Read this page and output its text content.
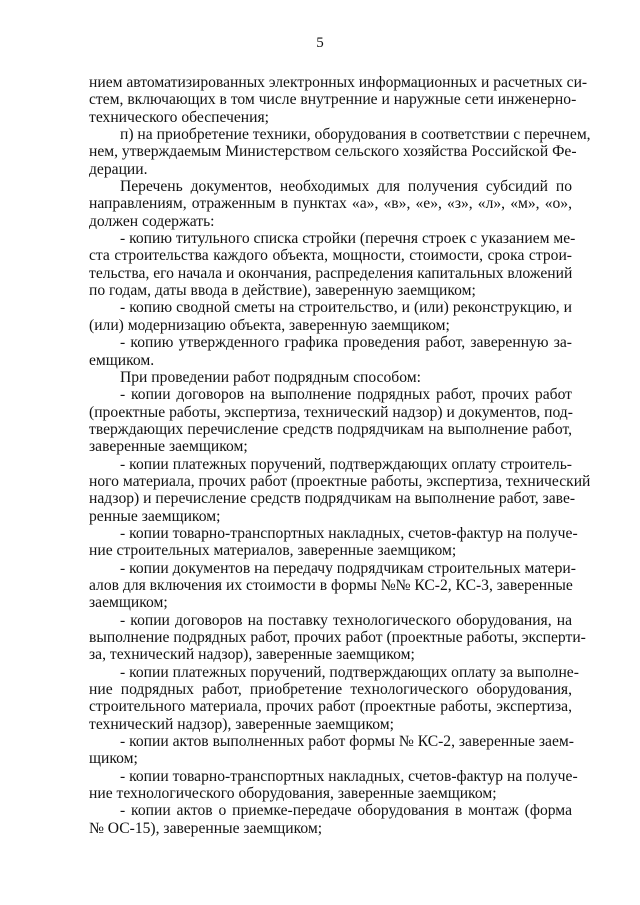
5
нием автоматизированных электронных информационных и расчетных си-
стем, включающих в том числе внутренние и наружные сети инженерно-
технического обеспечения;
п) на приобретение техники, оборудования в соответствии с перечнем,
нем, утверждаемым Министерством сельского хозяйства Российской Фе-
дерации.
Перечень документов, необходимых для получения субсидий по
направлениям, отраженным в пунктах «а», «в», «е», «з», «л», «м», «о»,
должен содержать:
- копию титульного списка стройки (перечня строек с указанием ме-
ста строительства каждого объекта, мощности, стоимости, срока строи-
тельства, его начала и окончания, распределения капитальных вложений
по годам, даты ввода в действие), заверенную заемщиком;
- копию сводной сметы на строительство, и (или) реконструкцию, и
(или) модернизацию объекта, заверенную заемщиком;
- копию утвержденного графика проведения работ, заверенную за-
емщиком.
При проведении работ подрядным способом:
- копии договоров на выполнение подрядных работ, прочих работ
(проектные работы, экспертиза, технический надзор) и документов, под-
тверждающих перечисление средств подрядчикам на выполнение работ,
заверенные заемщиком;
- копии платежных поручений, подтверждающих оплату строитель-
ного материала, прочих работ (проектные работы, экспертиза, технический
надзор) и перечисление средств подрядчикам на выполнение работ, заве-
ренные заемщиком;
- копии товарно-транспортных накладных, счетов-фактур на получе-
ние строительных материалов, заверенные заемщиком;
- копии документов на передачу подрядчикам строительных матери-
алов для включения их стоимости в формы №№ КС-2, КС-3, заверенные
заемщиком;
- копии договоров на поставку технологического оборудования, на
выполнение подрядных работ, прочих работ (проектные работы, эксперти-
за, технический надзор), заверенные заемщиком;
- копии платежных поручений, подтверждающих оплату за выполне-
ние подрядных работ, приобретение технологического оборудования,
строительного материала, прочих работ (проектные работы, экспертиза,
технический надзор), заверенные заемщиком;
- копии актов выполненных работ формы № КС-2, заверенные заем-
щиком;
- копии товарно-транспортных накладных, счетов-фактур на получе-
ние технологического оборудования, заверенные заемщиком;
- копии актов о приемке-передаче оборудования в монтаж (форма
№ ОС-15), заверенные заемщиком;
